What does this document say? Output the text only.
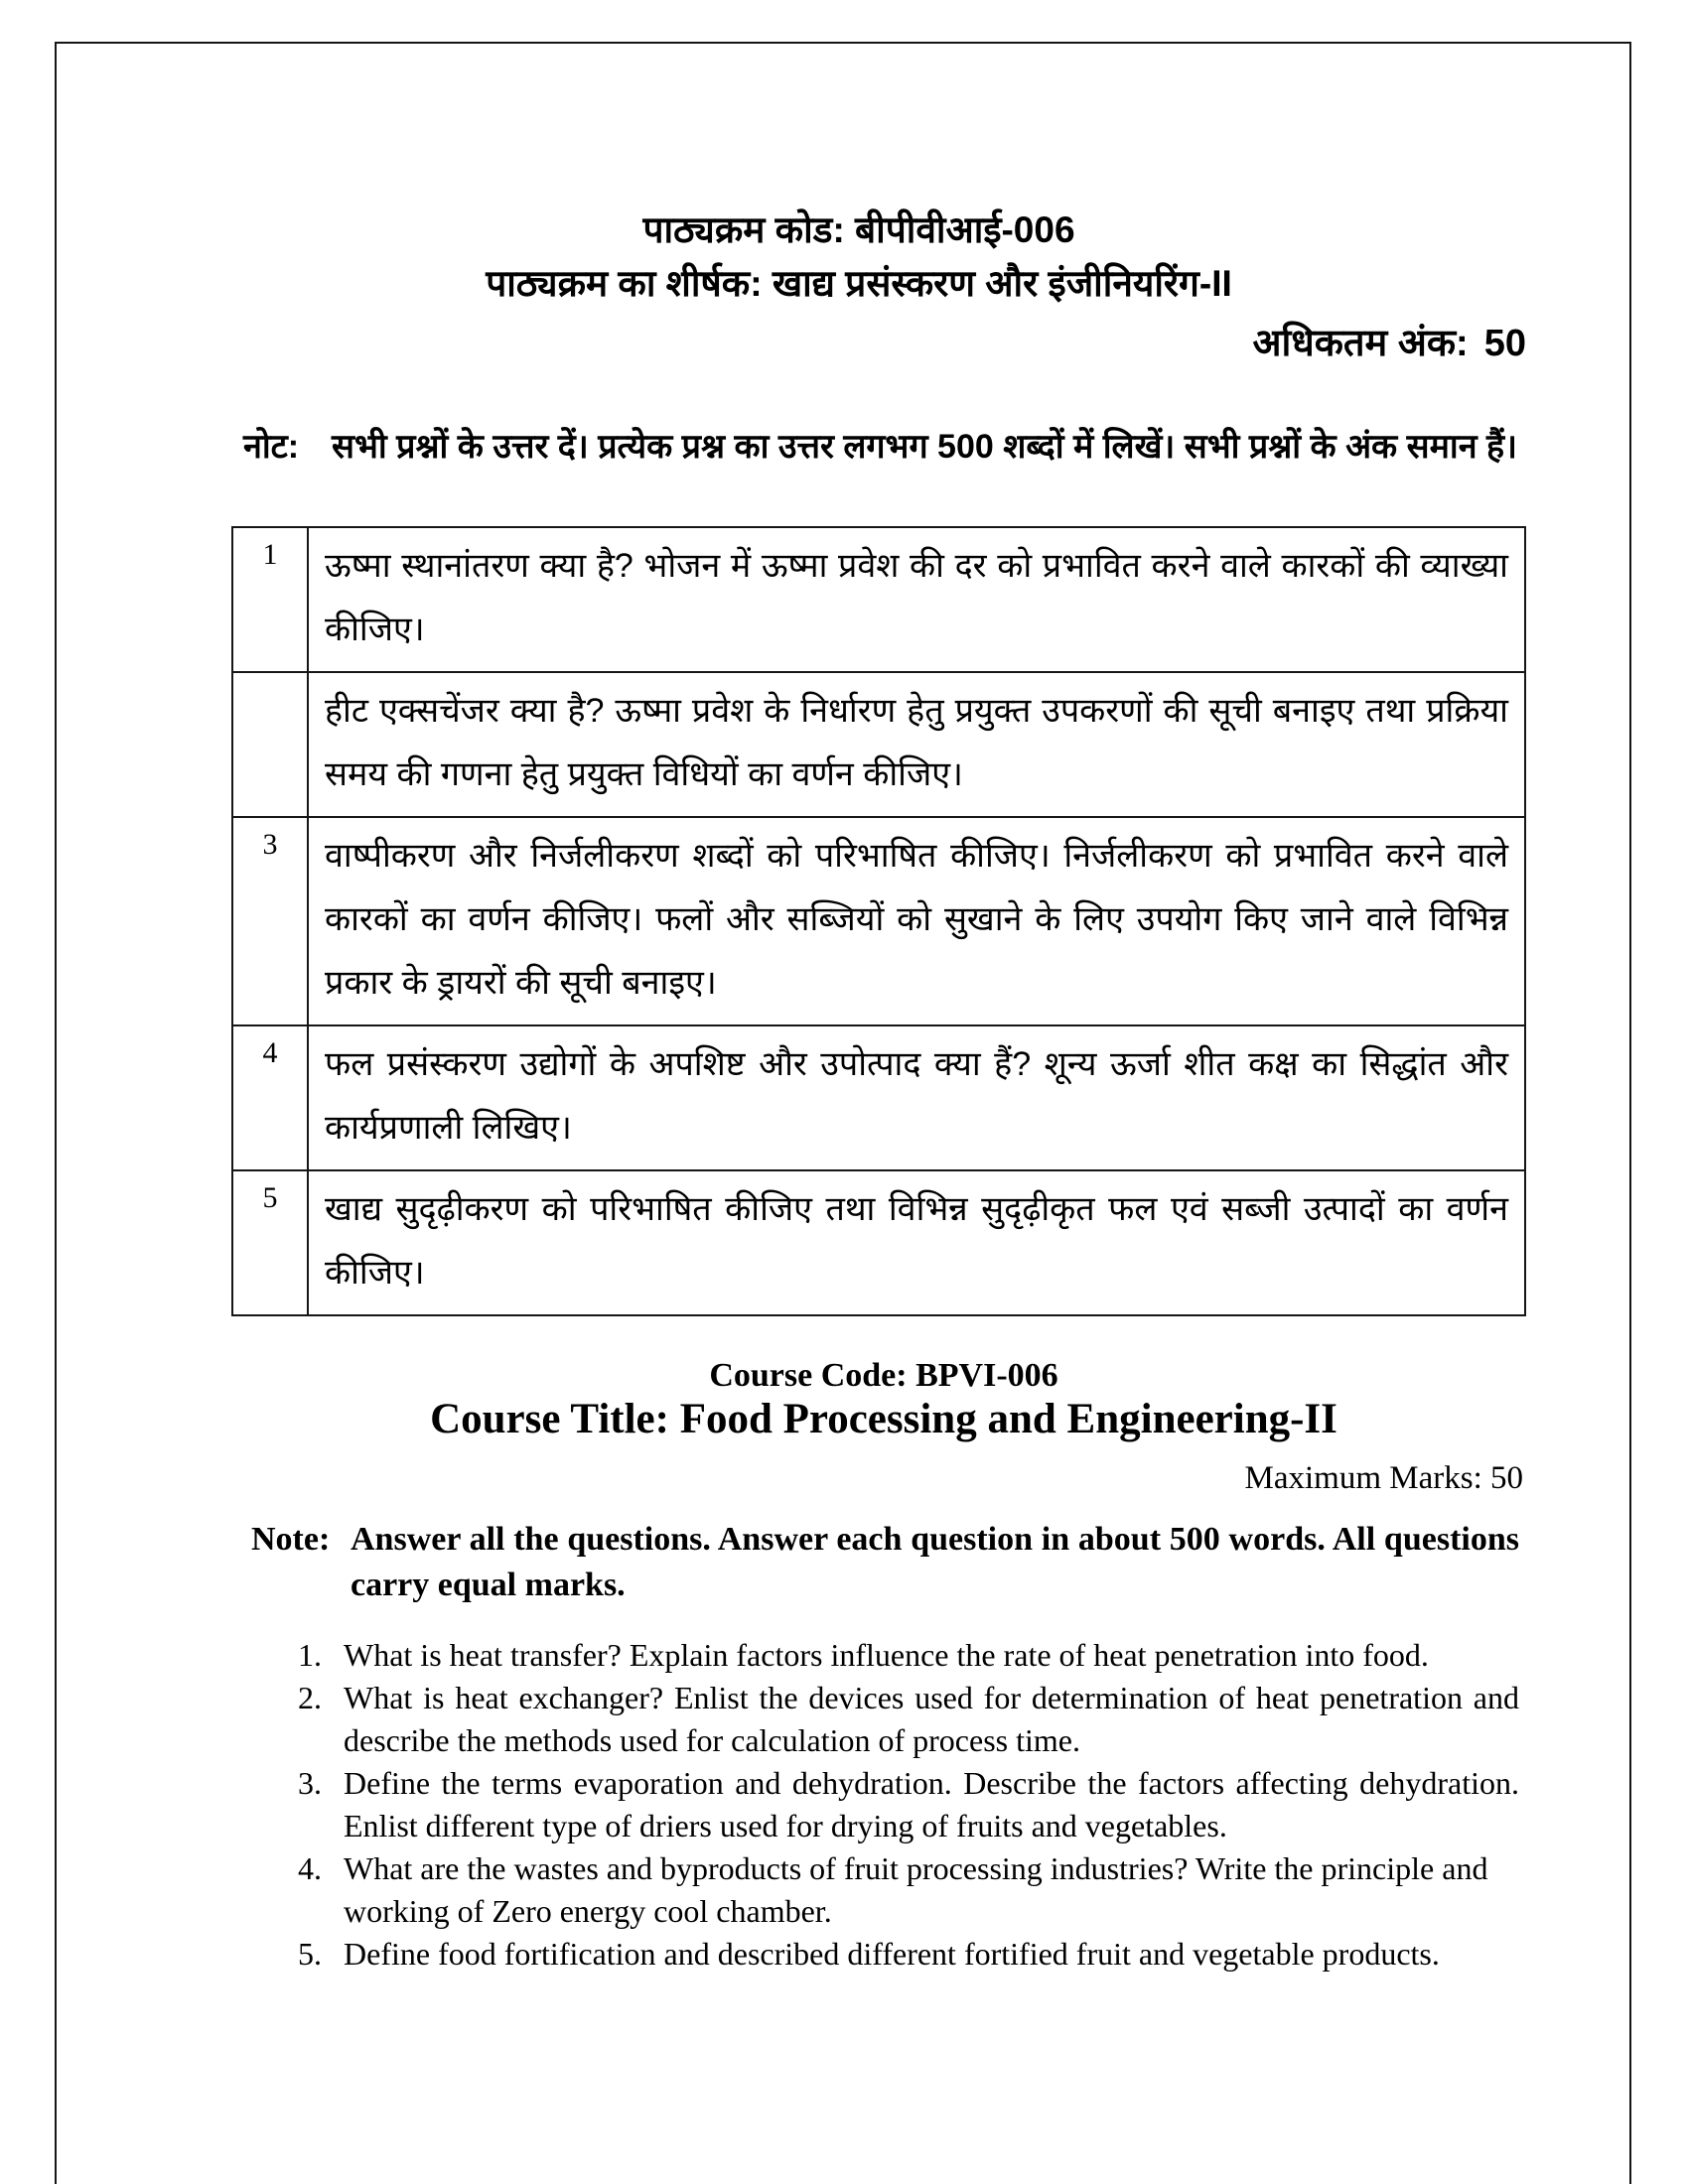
पाठ्यक्रम कोड: बीपीवीआई-006
पाठ्यक्रम का शीर्षक: खाद्य प्रसंस्करण और इंजीनियरिंग-II
अधिकतम अंक: 50
नोट: सभी प्रश्नों के उत्तर दें। प्रत्येक प्रश्न का उत्तर लगभग 500 शब्दों में लिखें। सभी प्रश्नों के अंक समान हैं।
1	ऊष्मा स्थानांतरण क्या है? भोजन में ऊष्मा प्रवेश की दर को प्रभावित करने वाले कारकों की व्याख्या कीजिए।
	हीट एक्सचेंजर क्या है? ऊष्मा प्रवेश के निर्धारण हेतु प्रयुक्त उपकरणों की सूची बनाइए तथा प्रक्रिया समय की गणना हेतु प्रयुक्त विधियों का वर्णन कीजिए।
3	वाष्पीकरण और निर्जलीकरण शब्दों को परिभाषित कीजिए। निर्जलीकरण को प्रभावित करने वाले कारकों का वर्णन कीजिए। फलों और सब्जियों को सुखाने के लिए उपयोग किए जाने वाले विभिन्न प्रकार के ड्रायरों की सूची बनाइए।
4	फल प्रसंस्करण उद्योगों के अपशिष्ट और उपोत्पाद क्या हैं? शून्य ऊर्जा शीत कक्ष का सिद्धांत और कार्यप्रणाली लिखिए।
5	खाद्य सुदृढ़ीकरण को परिभाषित कीजिए तथा विभिन्न सुदृढ़ीकृत फल एवं सब्जी उत्पादों का वर्णन कीजिए।
Course Code: BPVI-006
Course Title: Food Processing and Engineering-II
Maximum Marks: 50
Note: Answer all the questions. Answer each question in about 500 words. All questions carry equal marks.
1. What is heat transfer? Explain factors influence the rate of heat penetration into food.
2. What is heat exchanger? Enlist the devices used for determination of heat penetration and describe the methods used for calculation of process time.
3. Define the terms evaporation and dehydration. Describe the factors affecting dehydration. Enlist different type of driers used for drying of fruits and vegetables.
4. What are the wastes and byproducts of fruit processing industries? Write the principle and working of Zero energy cool chamber.
5. Define food fortification and described different fortified fruit and vegetable products.
